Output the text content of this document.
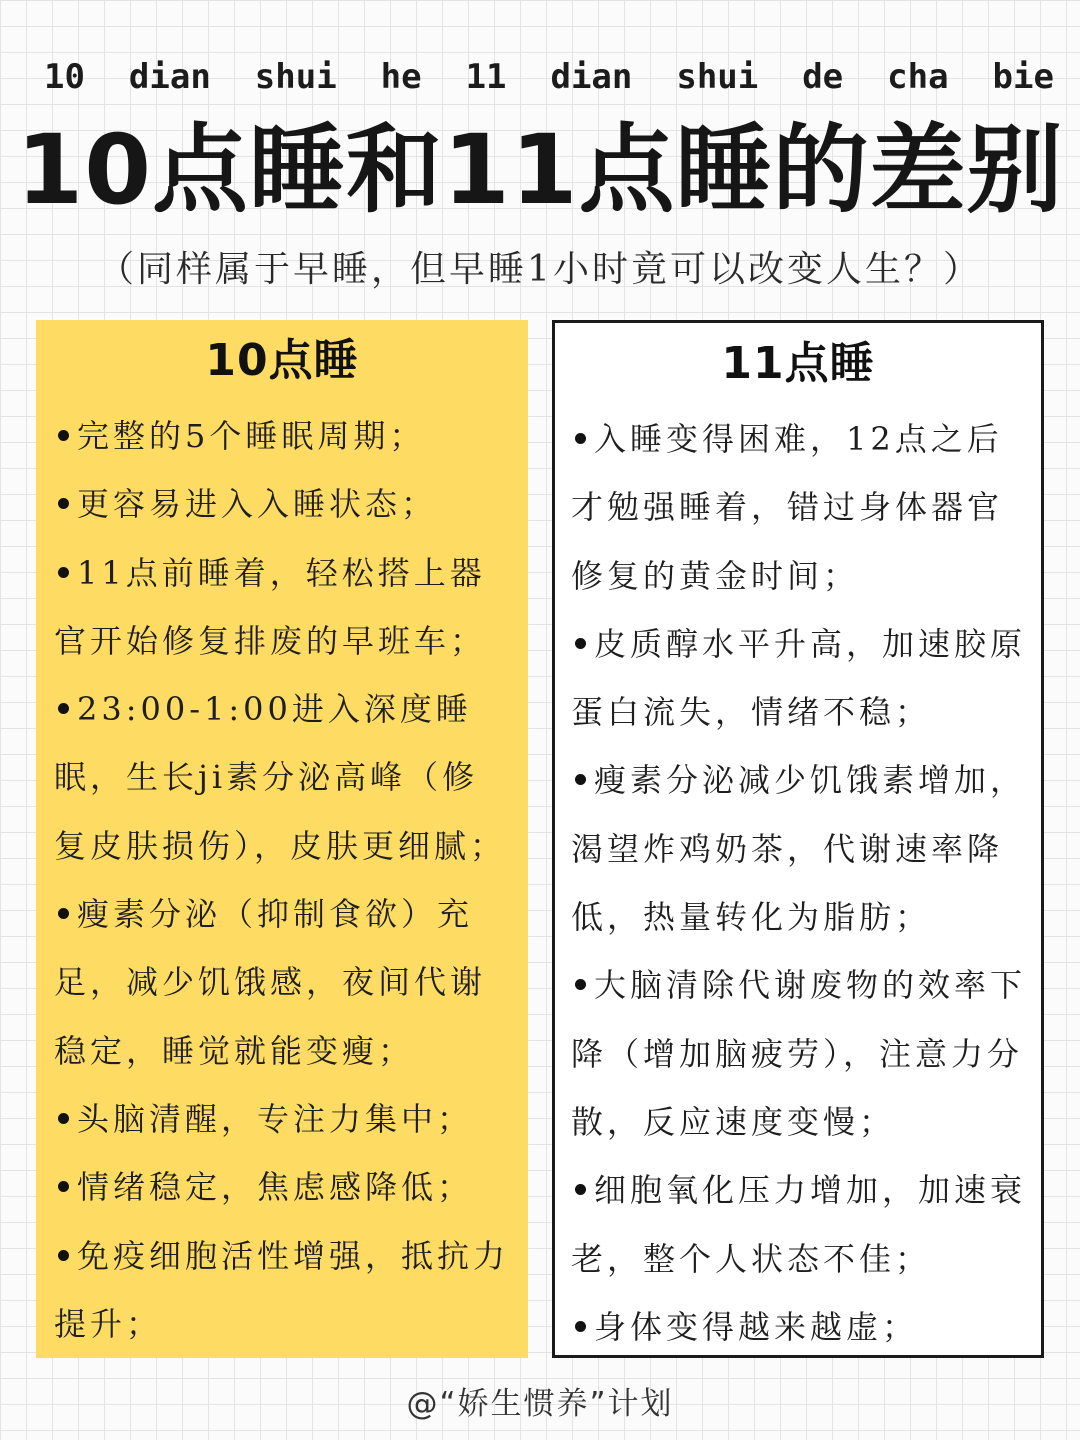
10 dian shui he 11 dian shui de cha bie
10点睡和11点睡的差别
（同样属于早睡，但早睡1小时竟可以改变人生？）
10点睡

完整的5个睡眠周期；

更容易进入入睡状态；

11点前睡着，轻松搭上器官开始修复排废的早班车；

23:00-1:00进入深度睡眠，生长ji素分泌高峰（修复皮肤损伤），皮肤更细腻；

瘦素分泌（抑制食欲）充足，减少饥饿感，夜间代谢稳定，睡觉就能变瘦；

头脑清醒，专注力集中；

情绪稳定，焦虑感降低；

免疫细胞活性增强，抵抗力提升；

11点睡

入睡变得困难，12点之后才勉强睡着，错过身体器官修复的黄金时间；

皮质醇水平升高，加速胶原蛋白流失，情绪不稳；

瘦素分泌减少饥饿素增加，渴望炸鸡奶茶，代谢速率降低，热量转化为脂肪；

大脑清除代谢废物的效率下降（增加脑疲劳），注意力分散，反应速度变慢；

细胞氧化压力增加，加速衰老，整个人状态不佳；

身体变得越来越虚；

@“娇生惯养”计划
